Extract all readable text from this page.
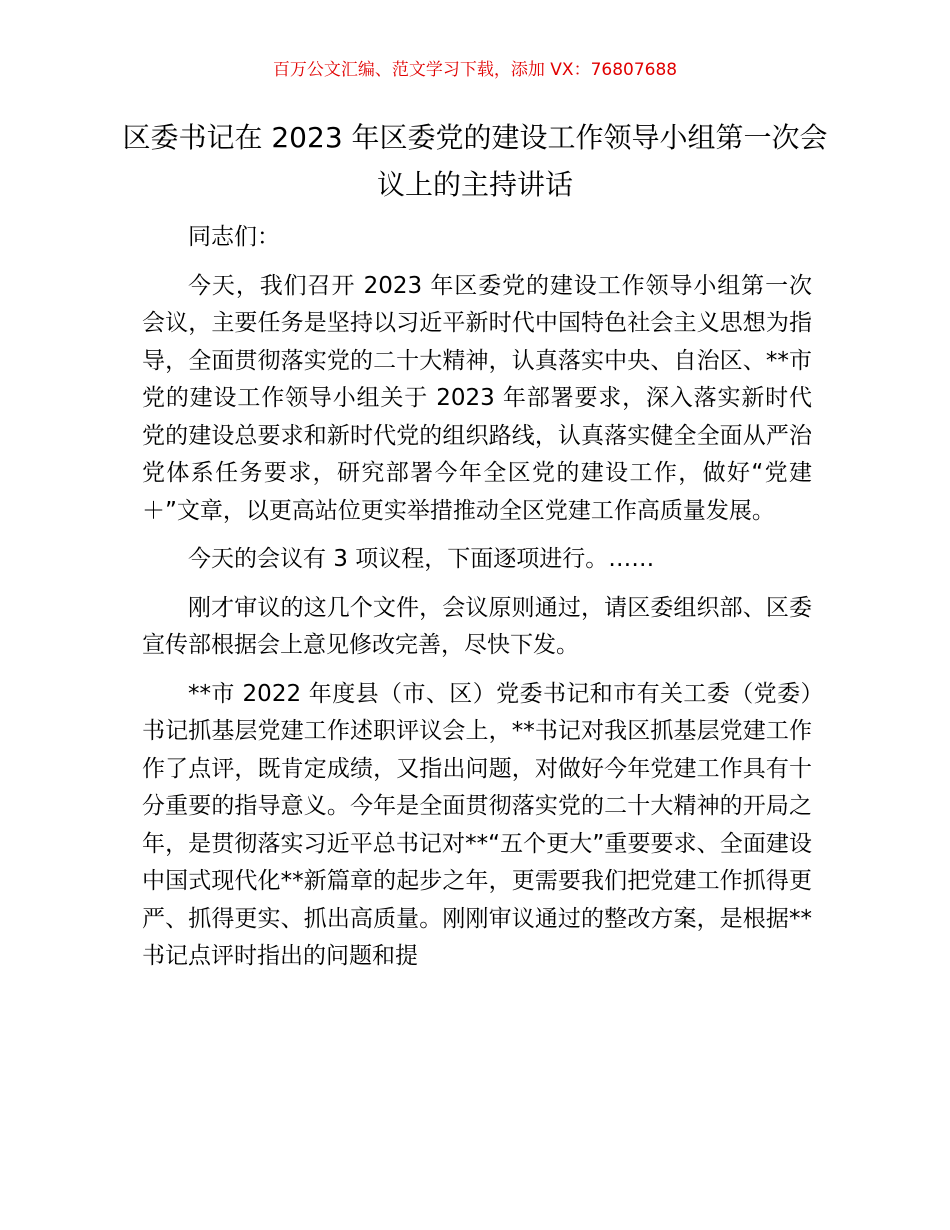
百万公文汇编、范文学习下载，添加 VX：76807688
区委书记在 2023 年区委党的建设工作领导小组第一次会议上的主持讲话

同志们：

今天，我们召开 2023 年区委党的建设工作领导小组第一次会议，主要任务是坚持以习近平新时代中国特色社会主义思想为指导，全面贯彻落实党的二十大精神，认真落实中央、自治区、**市党的建设工作领导小组关于 2023 年部署要求，深入落实新时代党的建设总要求和新时代党的组织路线，认真落实健全全面从严治党体系任务要求，研究部署今年全区党的建设工作，做好“党建＋”文章，以更高站位更实举措推动全区党建工作高质量发展。

今天的会议有 3 项议程，下面逐项进行。……

刚才审议的这几个文件，会议原则通过，请区委组织部、区委宣传部根据会上意见修改完善，尽快下发。

**市 2022 年度县（市、区）党委书记和市有关工委（党委）书记抓基层党建工作述职评议会上，**书记对我区抓基层党建工作作了点评，既肯定成绩，又指出问题，对做好今年党建工作具有十分重要的指导意义。今年是全面贯彻落实党的二十大精神的开局之年，是贯彻落实习近平总书记对**“五个更大”重要要求、全面建设中国式现代化**新篇章的起步之年，更需要我们把党建工作抓得更严、抓得更实、抓出高质量。刚刚审议通过的整改方案，是根据**书记点评时指出的问题和提
